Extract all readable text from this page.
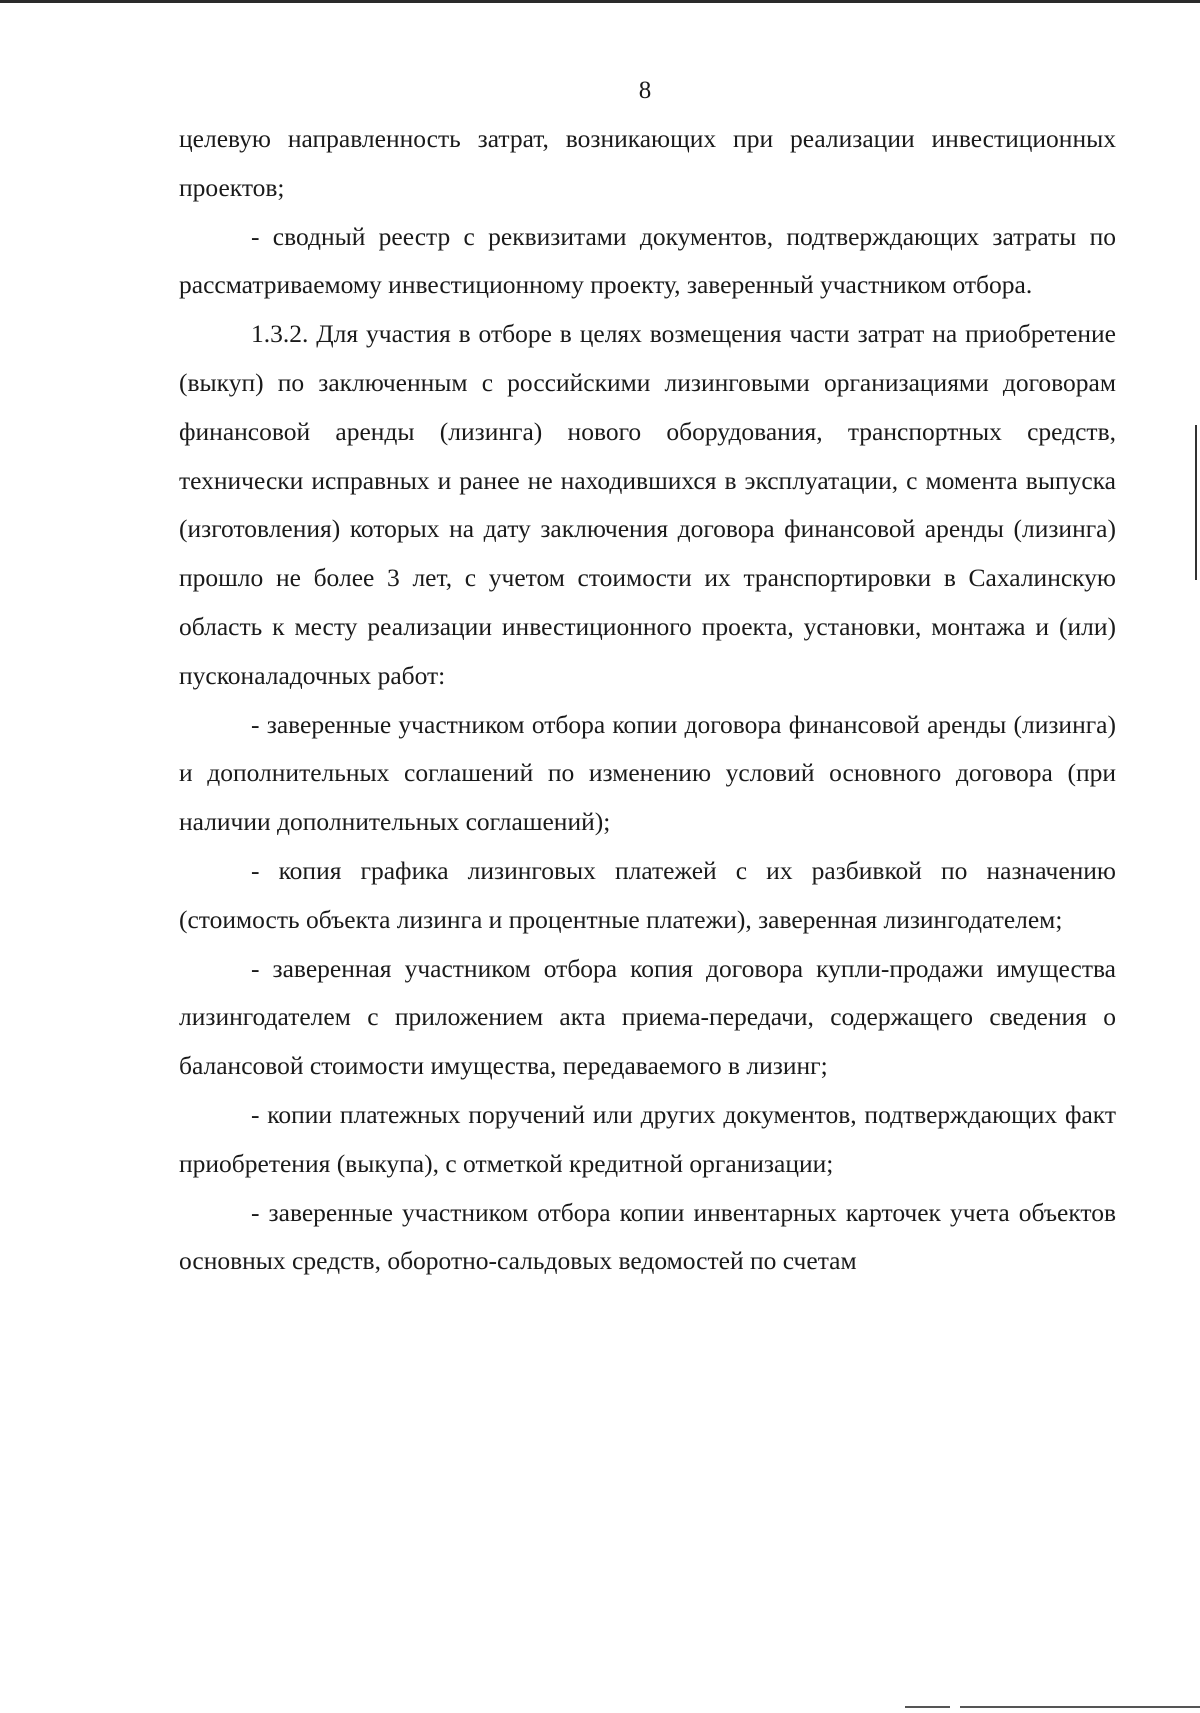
8

целевую направленность затрат, возникающих при реализации инвестиционных проектов;

- сводный реестр с реквизитами документов, подтверждающих затраты по рассматриваемому инвестиционному проекту, заверенный участником отбора.

1.3.2. Для участия в отборе в целях возмещения части затрат на приобретение (выкуп) по заключенным с российскими лизинговыми организациями договорам финансовой аренды (лизинга) нового оборудования, транспортных средств, технически исправных и ранее не находившихся в эксплуатации, с момента выпуска (изготовления) которых на дату заключения договора финансовой аренды (лизинга) прошло не более 3 лет, с учетом стоимости их транспортировки в Сахалинскую область к месту реализации инвестиционного проекта, установки, монтажа и (или) пусконаладочных работ:

- заверенные участником отбора копии договора финансовой аренды (лизинга) и дополнительных соглашений по изменению условий основного договора (при наличии дополнительных соглашений);

- копия графика лизинговых платежей с их разбивкой по назначению (стоимость объекта лизинга и процентные платежи), заверенная лизингодателем;

- заверенная участником отбора копия договора купли-продажи имущества лизингодателем с приложением акта приема-передачи, содержащего сведения о балансовой стоимости имущества, передаваемого в лизинг;

- копии платежных поручений или других документов, подтверждающих факт приобретения (выкупа), с отметкой кредитной организации;

- заверенные участником отбора копии инвентарных карточек учета объектов основных средств, оборотно-сальдовых ведомостей по счетам
